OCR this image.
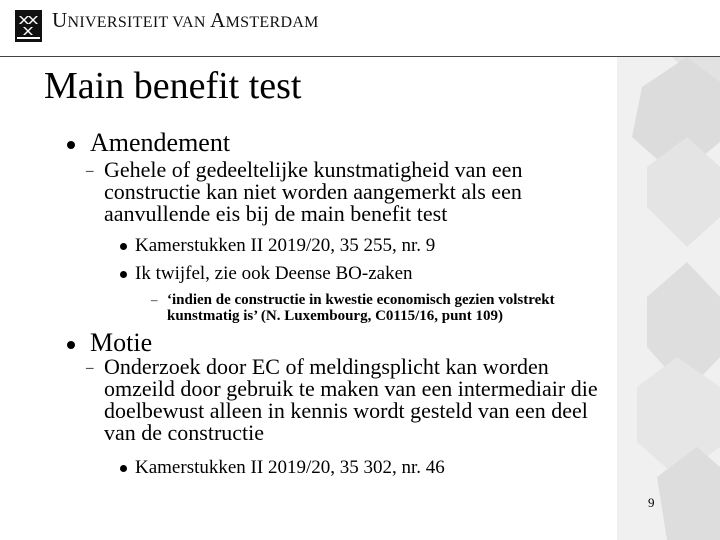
UNIVERSITEIT VAN AMSTERDAM
Main benefit test
Amendement
– Gehele of gedeeltelijke kunstmatigheid van een
constructie kan niet worden aangemerkt als een
aanvullende eis bij de main benefit test
Kamerstukken II 2019/20, 35 255, nr. 9
Ik twijfel, zie ook Deense BO-zaken
– ‘indien de constructie in kwestie economisch gezien volstrekt
kunstmatig is’ (N. Luxembourg, C0115/16, punt 109)
Motie
– Onderzoek door EC of meldingsplicht kan worden
omzeild door gebruik te maken van een intermediair die
doelbewust alleen in kennis wordt gesteld van een deel
van de constructie
Kamerstukken II 2019/20, 35 302, nr. 46
9
